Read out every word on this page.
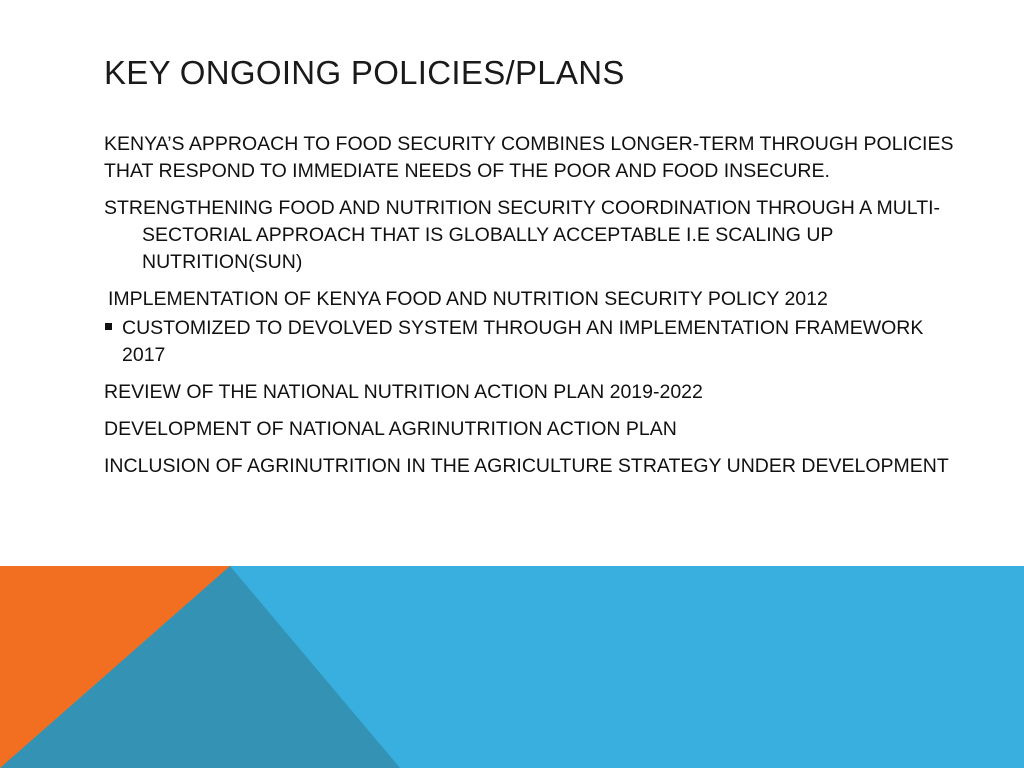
KEY ONGOING POLICIES/PLANS
KENYA’S APPROACH TO FOOD SECURITY COMBINES LONGER-TERM THROUGH POLICIES THAT RESPOND TO IMMEDIATE NEEDS OF THE POOR AND FOOD INSECURE.
STRENGTHENING FOOD AND NUTRITION SECURITY COORDINATION THROUGH A MULTI- SECTORIAL APPROACH THAT IS GLOBALLY ACCEPTABLE I.E SCALING UP NUTRITION(SUN)
IMPLEMENTATION OF KENYA FOOD AND NUTRITION SECURITY POLICY 2012
CUSTOMIZED TO DEVOLVED SYSTEM THROUGH AN IMPLEMENTATION FRAMEWORK 2017
REVIEW OF THE NATIONAL NUTRITION ACTION PLAN 2019-2022
DEVELOPMENT OF NATIONAL AGRINUTRITION ACTION PLAN
INCLUSION OF AGRINUTRITION IN THE AGRICULTURE STRATEGY UNDER DEVELOPMENT
